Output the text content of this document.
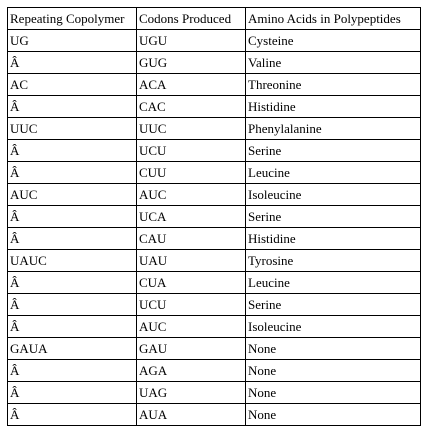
Repeating Copolymer	Codons Produced	Amino Acids in Polypeptides
UG	UGU	Cysteine
Â	GUG	Valine
AC	ACA	Threonine
Â	CAC	Histidine
UUC	UUC	Phenylalanine
Â	UCU	Serine
Â	CUU	Leucine
AUC	AUC	Isoleucine
Â	UCA	Serine
Â	CAU	Histidine
UAUC	UAU	Tyrosine
Â	CUA	Leucine
Â	UCU	Serine
Â	AUC	Isoleucine
GAUA	GAU	None
Â	AGA	None
Â	UAG	None
Â	AUA	None
